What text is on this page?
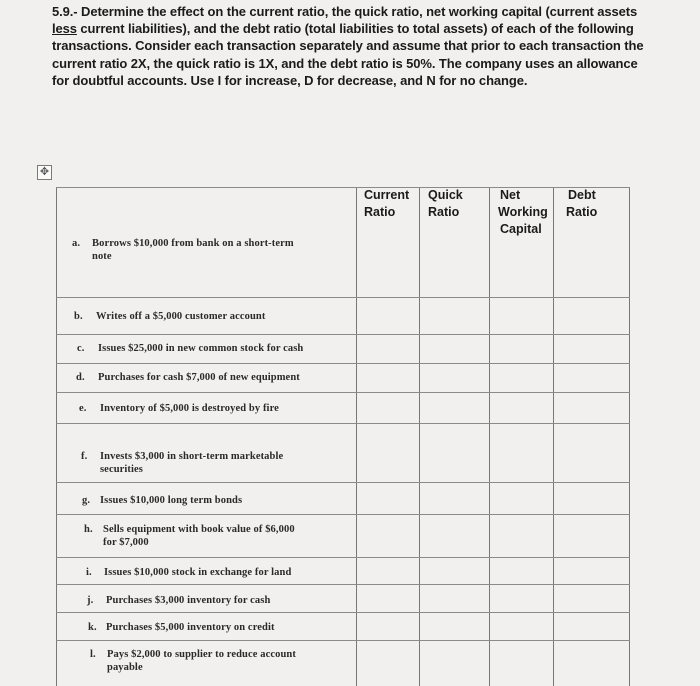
5.9.- Determine the effect on the current ratio, the quick ratio, net working capital (current assets less current liabilities), and the debt ratio (total liabilities to total assets) of each of the following transactions. Consider each transaction separately and assume that prior to each transaction the current ratio 2X, the quick ratio is 1X, and the debt ratio is 50%. The company uses an allowance for doubtful accounts. Use I for increase, D for decrease, and N for no change.
✥
Current
Ratio
Quick
Ratio
Net
Working
Capital
Debt
Ratio
a. Borrows $10,000 from bank on a short-term
note
b. Writes off a $5,000 customer account
c. Issues $25,000 in new common stock for cash
d. Purchases for cash $7,000 of new equipment
e. Inventory of $5,000 is destroyed by fire
f. Invests $3,000 in short-term marketable
securities
g. Issues $10,000 long term bonds
h. Sells equipment with book value of $6,000
for $7,000
i. Issues $10,000 stock in exchange for land
j. Purchases $3,000 inventory for cash
k. Purchases $5,000 inventory on credit
l. Pays $2,000 to supplier to reduce account
payable
